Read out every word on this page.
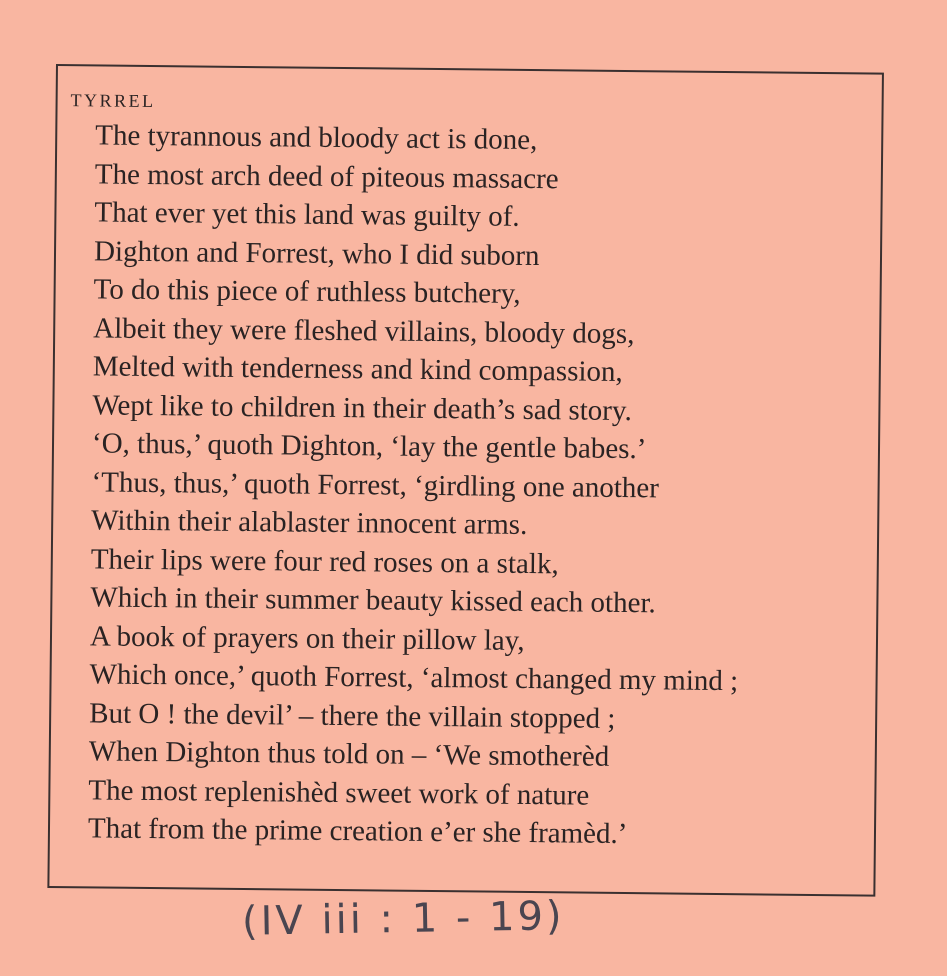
TYRREL
The tyrannous and bloody act is done,
The most arch deed of piteous massacre
That ever yet this land was guilty of.
Dighton and Forrest, who I did suborn
To do this piece of ruthless butchery,
Albeit they were fleshed villains, bloody dogs,
Melted with tenderness and kind compassion,
Wept like to children in their death’s sad story.
‘O, thus,’ quoth Dighton, ‘lay the gentle babes.’
‘Thus, thus,’ quoth Forrest, ‘girdling one another
Within their alablaster innocent arms.
Their lips were four red roses on a stalk,
Which in their summer beauty kissed each other.
A book of prayers on their pillow lay,
Which once,’ quoth Forrest, ‘almost changed my mind ;
But O ! the devil’ – there the villain stopped ;
When Dighton thus told on – ‘We smotherèd
The most replenishèd sweet work of nature
That from the prime creation e’er she framèd.’
(IV iii : 1 - 19)
